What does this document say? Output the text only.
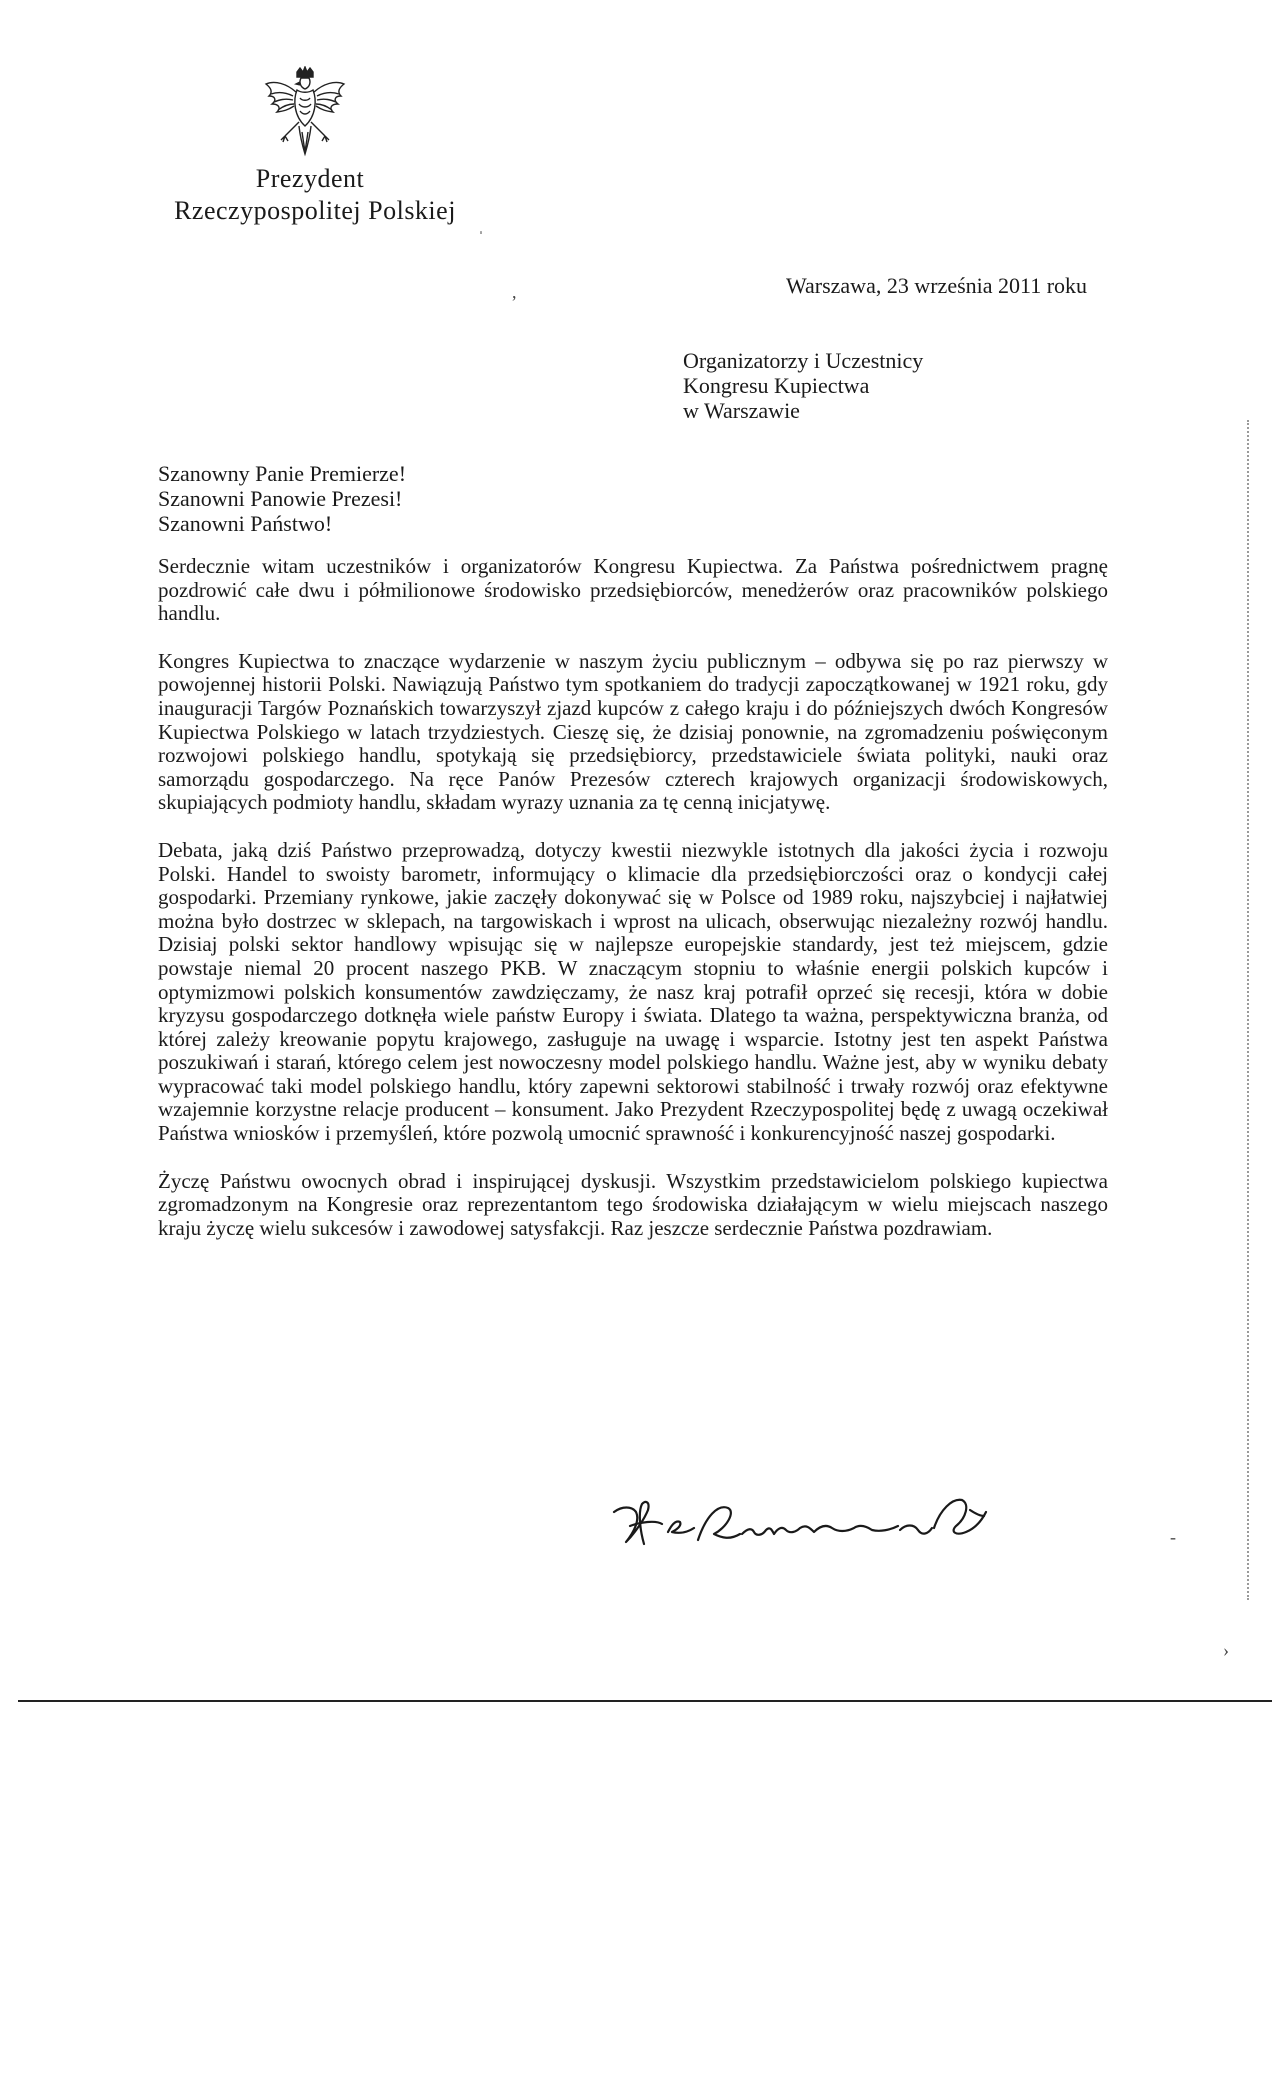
Prezydent
Rzeczypospolitej Polskiej	ˌ
,	Warszawa, 23 września 2011 roku
Organizatorzy i Uczestnicy
Kongresu Kupiectwa
w Warszawie
Szanowny Panie Premierze!
Szanowni Panowie Prezesi!
Szanowni Państwo!

Serdecznie witam uczestników i organizatorów Kongresu Kupiectwa. Za Państwa pośrednictwem pragnę pozdrowić całe dwu i półmilionowe środowisko przedsiębiorców, menedżerów oraz pracowników polskiego handlu.

Kongres Kupiectwa to znaczące wydarzenie w naszym życiu publicznym – odbywa się po raz pierwszy w powojennej historii Polski. Nawiązują Państwo tym spotkaniem do tradycji zapoczątkowanej w 1921 roku, gdy inauguracji Targów Poznańskich towarzyszył zjazd kupców z całego kraju i do późniejszych dwóch Kongresów Kupiectwa Polskiego w latach trzydziestych. Cieszę się, że dzisiaj ponownie, na zgromadzeniu poświęconym rozwojowi polskiego handlu, spotykają się przedsiębiorcy, przedstawiciele świata polityki, nauki oraz samorządu gospodarczego. Na ręce Panów Prezesów czterech krajowych organizacji środowiskowych, skupiających podmioty handlu, składam wyrazy uznania za tę cenną inicjatywę.

Debata, jaką dziś Państwo przeprowadzą, dotyczy kwestii niezwykle istotnych dla jakości życia i rozwoju Polski. Handel to swoisty barometr, informujący o klimacie dla przedsiębiorczości oraz o kondycji całej gospodarki. Przemiany rynkowe, jakie zaczęły dokonywać się w Polsce od 1989 roku, najszybciej i najłatwiej można było dostrzec w sklepach, na targowiskach i wprost na ulicach, obserwując niezależny rozwój handlu. Dzisiaj polski sektor handlowy wpisując się w najlepsze europejskie standardy, jest też miejscem, gdzie powstaje niemal 20 procent naszego PKB. W znaczącym stopniu to właśnie energii polskich kupców i optymizmowi polskich konsumentów zawdzięczamy, że nasz kraj potrafił oprzeć się recesji, która w dobie kryzysu gospodarczego dotknęła wiele państw Europy i świata. Dlatego ta ważna, perspektywiczna branża, od której zależy kreowanie popytu krajowego, zasługuje na uwagę i wsparcie. Istotny jest ten aspekt Państwa poszukiwań i starań, którego celem jest nowoczesny model polskiego handlu. Ważne jest, aby w wyniku debaty wypracować taki model polskiego handlu, który zapewni sektorowi stabilność i trwały rozwój oraz efektywne wzajemnie korzystne relacje producent – konsument. Jako Prezydent Rzeczypospolitej będę z uwagą oczekiwał Państwa wniosków i przemyśleń, które pozwolą umocnić sprawność i konkurencyjność naszej gospodarki.

Życzę Państwu owocnych obrad i inspirującej dyskusji. Wszystkim przedstawicielom polskiego kupiectwa zgromadzonym na Kongresie oraz reprezentantom tego środowiska działającym w wielu miejscach naszego kraju życzę wielu sukcesów i zawodowej satysfakcji. Raz jeszcze serdecznie Państwa pozdrawiam.

-
›
